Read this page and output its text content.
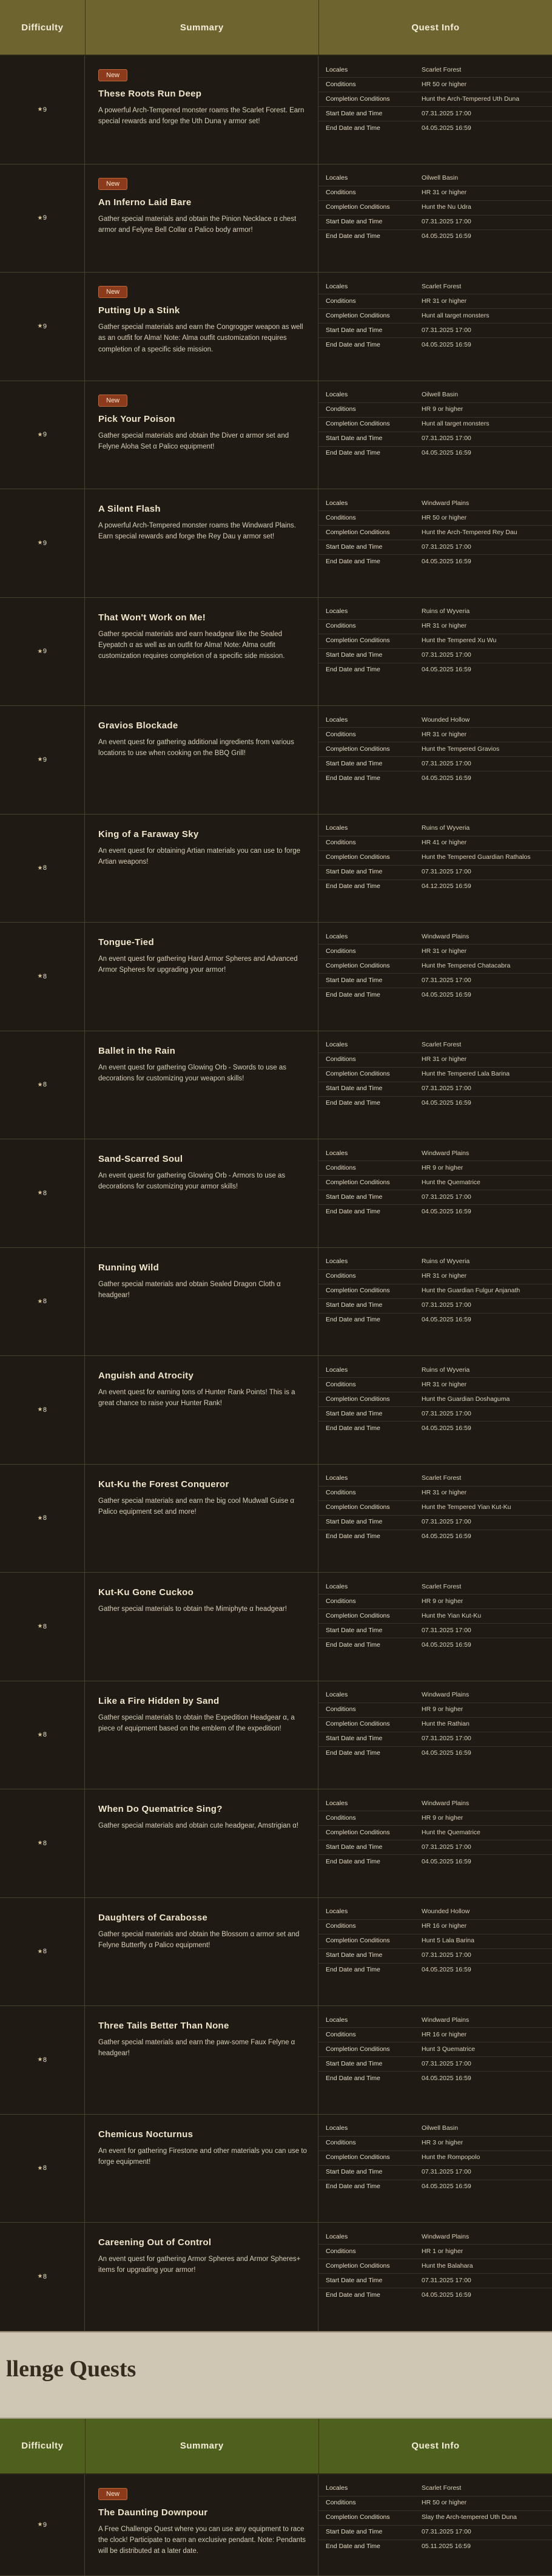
Difficulty	Summary	Quest Info
★ 9
New
These Roots Run Deep
A powerful Arch-Tempered monster roams the Scarlet Forest. Earn special rewards and forge the Uth Duna γ armor set!
Locales	Scarlet Forest
Conditions	HR 50 or higher
Completion Conditions	Hunt the Arch-Tempered Uth Duna
Start Date and Time	07.31.2025 17:00
End Date and Time	04.05.2025 16:59
★ 9
New
An Inferno Laid Bare
Gather special materials and obtain the Pinion Necklace α chest armor and Felyne Bell Collar α Palico body armor!
Locales	Oilwell Basin
Conditions	HR 31 or higher
Completion Conditions	Hunt the Nu Udra
Start Date and Time	07.31.2025 17:00
End Date and Time	04.05.2025 16:59
★ 9
New
Putting Up a Stink
Gather special materials and earn the Congrogger weapon as well as an outfit for Alma! Note: Alma outfit customization requires completion of a specific side mission.
Locales	Scarlet Forest
Conditions	HR 31 or higher
Completion Conditions	Hunt all target monsters
Start Date and Time	07.31.2025 17:00
End Date and Time	04.05.2025 16:59
★ 9
New
Pick Your Poison
Gather special materials and obtain the Diver α armor set and Felyne Aloha Set α Palico equipment!
Locales	Oilwell Basin
Conditions	HR 9 or higher
Completion Conditions	Hunt all target monsters
Start Date and Time	07.31.2025 17:00
End Date and Time	04.05.2025 16:59
★ 9
A Silent Flash
A powerful Arch-Tempered monster roams the Windward Plains. Earn special rewards and forge the Rey Dau γ armor set!
Locales	Windward Plains
Conditions	HR 50 or higher
Completion Conditions	Hunt the Arch-Tempered Rey Dau
Start Date and Time	07.31.2025 17:00
End Date and Time	04.05.2025 16:59
★ 9
That Won't Work on Me!
Gather special materials and earn headgear like the Sealed Eyepatch α as well as an outfit for Alma! Note: Alma outfit customization requires completion of a specific side mission.
Locales	Ruins of Wyveria
Conditions	HR 31 or higher
Completion Conditions	Hunt the Tempered Xu Wu
Start Date and Time	07.31.2025 17:00
End Date and Time	04.05.2025 16:59
★ 9
Gravios Blockade
An event quest for gathering additional ingredients from various locations to use when cooking on the BBQ Grill!
Locales	Wounded Hollow
Conditions	HR 31 or higher
Completion Conditions	Hunt the Tempered Gravios
Start Date and Time	07.31.2025 17:00
End Date and Time	04.05.2025 16:59
★ 8
King of a Faraway Sky
An event quest for obtaining Artian materials you can use to forge Artian weapons!
Locales	Ruins of Wyveria
Conditions	HR 41 or higher
Completion Conditions	Hunt the Tempered Guardian Rathalos
Start Date and Time	07.31.2025 17:00
End Date and Time	04.12.2025 16:59
★ 8
Tongue-Tied
An event quest for gathering Hard Armor Spheres and Advanced Armor Spheres for upgrading your armor!
Locales	Windward Plains
Conditions	HR 31 or higher
Completion Conditions	Hunt the Tempered Chatacabra
Start Date and Time	07.31.2025 17:00
End Date and Time	04.05.2025 16:59
★ 8
Ballet in the Rain
An event quest for gathering Glowing Orb - Swords to use as decorations for customizing your weapon skills!
Locales	Scarlet Forest
Conditions	HR 31 or higher
Completion Conditions	Hunt the Tempered Lala Barina
Start Date and Time	07.31.2025 17:00
End Date and Time	04.05.2025 16:59
★ 8
Sand-Scarred Soul
An event quest for gathering Glowing Orb - Armors to use as decorations for customizing your armor skills!
Locales	Windward Plains
Conditions	HR 9 or higher
Completion Conditions	Hunt the Quematrice
Start Date and Time	07.31.2025 17:00
End Date and Time	04.05.2025 16:59
★ 8
Running Wild
Gather special materials and obtain Sealed Dragon Cloth α headgear!
Locales	Ruins of Wyveria
Conditions	HR 31 or higher
Completion Conditions	Hunt the Guardian Fulgur Anjanath
Start Date and Time	07.31.2025 17:00
End Date and Time	04.05.2025 16:59
★ 8
Anguish and Atrocity
An event quest for earning tons of Hunter Rank Points! This is a great chance to raise your Hunter Rank!
Locales	Ruins of Wyveria
Conditions	HR 31 or higher
Completion Conditions	Hunt the Guardian Doshaguma
Start Date and Time	07.31.2025 17:00
End Date and Time	04.05.2025 16:59
★ 8
Kut-Ku the Forest Conqueror
Gather special materials and earn the big cool Mudwall Guise α Palico equipment set and more!
Locales	Scarlet Forest
Conditions	HR 31 or higher
Completion Conditions	Hunt the Tempered Yian Kut-Ku
Start Date and Time	07.31.2025 17:00
End Date and Time	04.05.2025 16:59
★ 8
Kut-Ku Gone Cuckoo
Gather special materials to obtain the Mimiphyte α headgear!
Locales	Scarlet Forest
Conditions	HR 9 or higher
Completion Conditions	Hunt the Yian Kut-Ku
Start Date and Time	07.31.2025 17:00
End Date and Time	04.05.2025 16:59
★ 8
Like a Fire Hidden by Sand
Gather special materials to obtain the Expedition Headgear α, a piece of equipment based on the emblem of the expedition!
Locales	Windward Plains
Conditions	HR 9 or higher
Completion Conditions	Hunt the Rathian
Start Date and Time	07.31.2025 17:00
End Date and Time	04.05.2025 16:59
★ 8
When Do Quematrice Sing?
Gather special materials and obtain cute headgear, Amstrigian α!
Locales	Windward Plains
Conditions	HR 9 or higher
Completion Conditions	Hunt the Quematrice
Start Date and Time	07.31.2025 17:00
End Date and Time	04.05.2025 16:59
★ 8
Daughters of Carabosse
Gather special materials and obtain the Blossom α armor set and Felyne Butterfly α Palico equipment!
Locales	Wounded Hollow
Conditions	HR 16 or higher
Completion Conditions	Hunt 5 Lala Barina
Start Date and Time	07.31.2025 17:00
End Date and Time	04.05.2025 16:59
★ 8
Three Tails Better Than None
Gather special materials and earn the paw-some Faux Felyne α headgear!
Locales	Windward Plains
Conditions	HR 16 or higher
Completion Conditions	Hunt 3 Quematrice
Start Date and Time	07.31.2025 17:00
End Date and Time	04.05.2025 16:59
★ 8
Chemicus Nocturnus
An event for gathering Firestone and other materials you can use to forge equipment!
Locales	Oilwell Basin
Conditions	HR 3 or higher
Completion Conditions	Hunt the Rompopolo
Start Date and Time	07.31.2025 17:00
End Date and Time	04.05.2025 16:59
★ 8
Careening Out of Control
An event quest for gathering Armor Spheres and Armor Spheres+ items for upgrading your armor!
Locales	Windward Plains
Conditions	HR 1 or higher
Completion Conditions	Hunt the Balahara
Start Date and Time	07.31.2025 17:00
End Date and Time	04.05.2025 16:59
llenge Quests
Difficulty	Summary	Quest Info
★ 9
New
The Daunting Downpour
A Free Challenge Quest where you can use any equipment to race the clock! Participate to earn an exclusive pendant. Note: Pendants will be distributed at a later date.
Locales	Scarlet Forest
Conditions	HR 50 or higher
Completion Conditions	Slay the Arch-tempered Uth Duna
Start Date and Time	07.31.2025 17:00
End Date and Time	05.11.2025 16:59
